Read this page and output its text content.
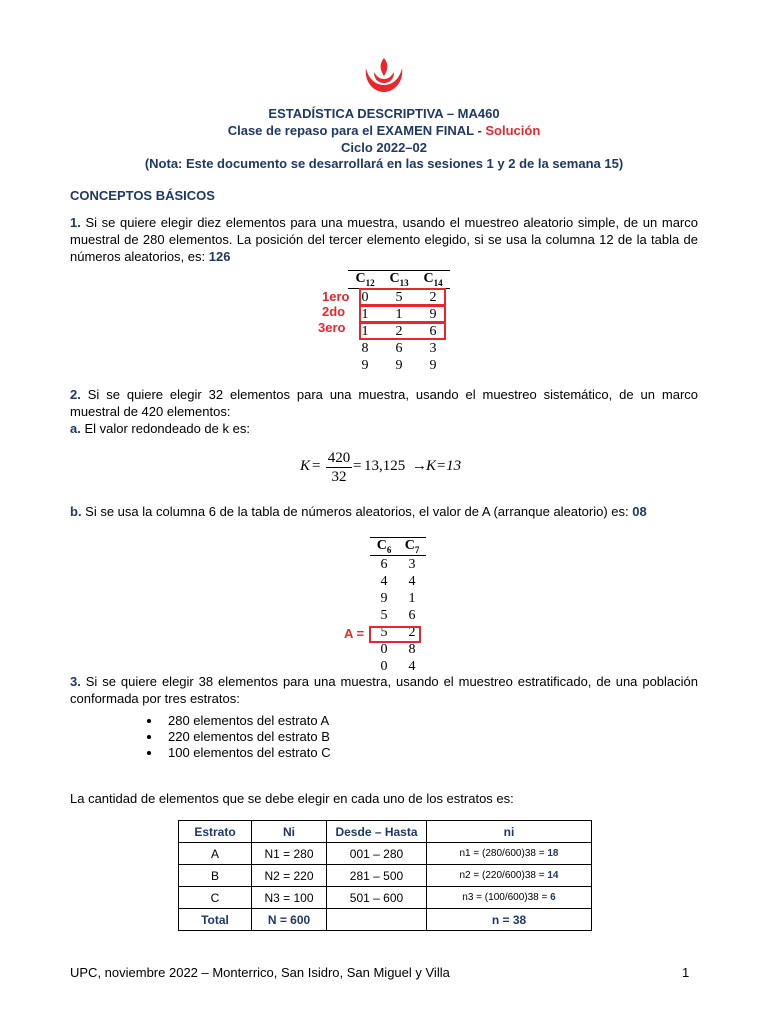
ESTADÍSTICA DESCRIPTIVA – MA460
Clase de repaso para el EXAMEN FINAL - Solución
Ciclo 2022–02
(Nota: Este documento se desarrollará en las sesiones 1 y 2 de la semana 15)
CONCEPTOS BÁSICOS
1. Si se quiere elegir diez elementos para una muestra, usando el muestreo aleatorio simple, de un marco muestral de 280 elementos. La posición del tercer elemento elegido, si se usa la columna 12 de la tabla de números aleatorios, es: 126
$C_{12}$	$C_{13}$	$C_{14}$
0	5	2
1	1	9
1	2	6
8	6	3
9	9	9
1ero
2do
3ero
2. Si se quiere elegir 32 elementos para una muestra, usando el muestreo sistemático, de un marco muestral de 420 elementos:
a. El valor redondeado de k es:
K = 420
32
= 13,125 → K=13
b. Si se usa la columna 6 de la tabla de números aleatorios, el valor de A (arranque aleatorio) es: 08
$C_6$	$C_7$
6	3
4	4
9	1
5	6
5	2
0	8
0	4
A =
3. Si se quiere elegir 38 elementos para una muestra, usando el muestreo estratificado, de una población conformada por tres estratos:
• 280 elementos del estrato A
• 220 elementos del estrato B
• 100 elementos del estrato C
La cantidad de elementos que se debe elegir en cada uno de los estratos es:
Estrato	Ni	Desde – Hasta	ni
A	N1 = 280	001 – 280	n1 = (280/600)38 = 18
B	N2 = 220	281 – 500	n2 = (220/600)38 = 14
C	N3 = 100	501 – 600	n3 = (100/600)38 = 6
Total	N = 600		n = 38
UPC, noviembre 2022 – Monterrico, San Isidro, San Miguel y Villa	1
